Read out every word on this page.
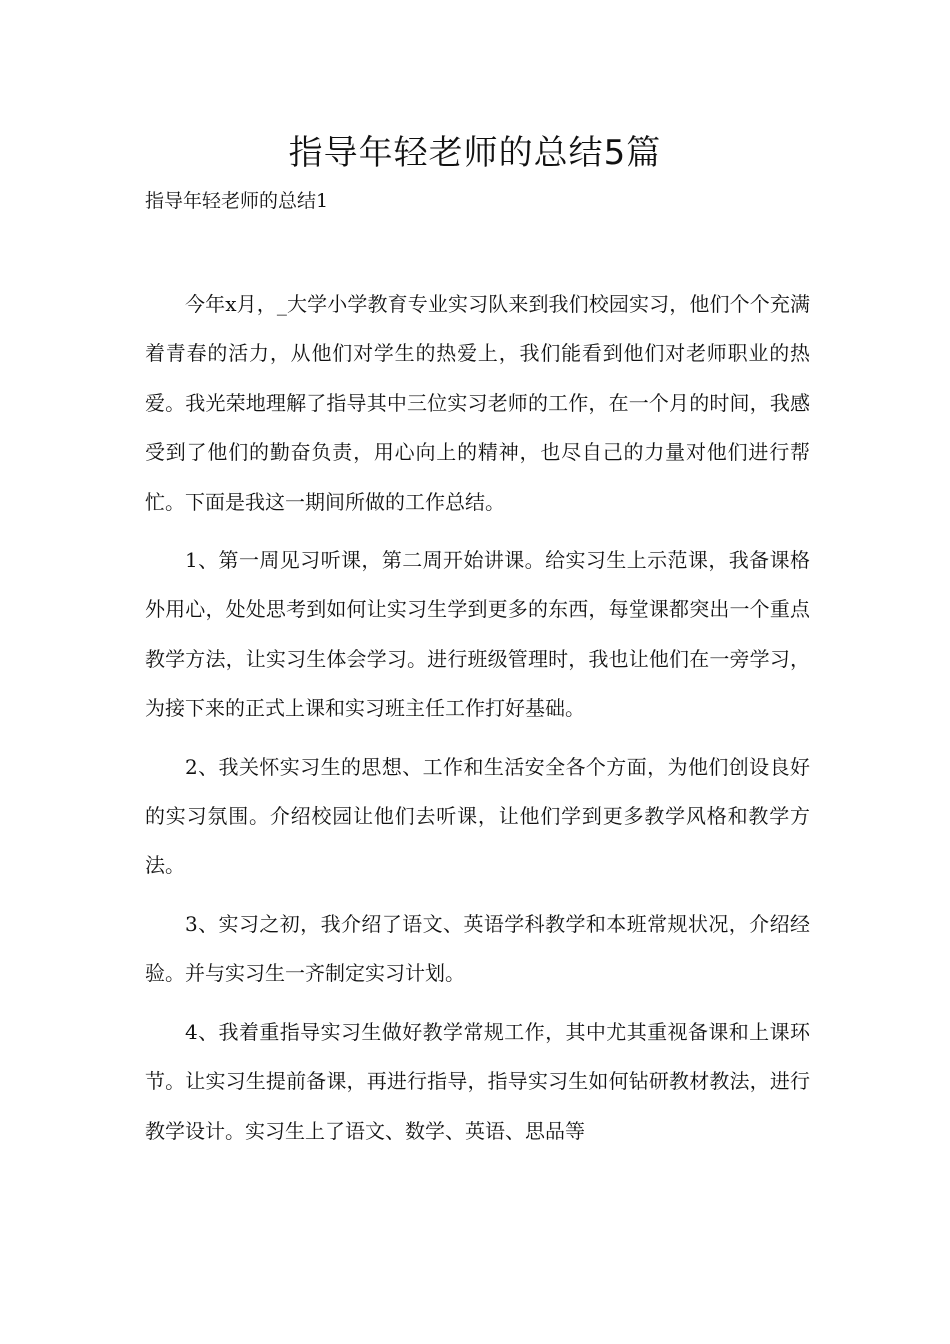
指导年轻老师的总结5篇

指导年轻老师的总结1

今年x月，_大学小学教育专业实习队来到我们校园实习，他们个个充满着青春的活力，从他们对学生的热爱上，我们能看到他们对老师职业的热爱。我光荣地理解了指导其中三位实习老师的工作，在一个月的时间，我感受到了他们的勤奋负责，用心向上的精神，也尽自己的力量对他们进行帮忙。下面是我这一期间所做的工作总结。

1、第一周见习听课，第二周开始讲课。给实习生上示范课，我备课格外用心，处处思考到如何让实习生学到更多的东西，每堂课都突出一个重点教学方法，让实习生体会学习。进行班级管理时，我也让他们在一旁学习，为接下来的正式上课和实习班主任工作打好基础。

2、我关怀实习生的思想、工作和生活安全各个方面，为他们创设良好的实习氛围。介绍校园让他们去听课，让他们学到更多教学风格和教学方法。

3、实习之初，我介绍了语文、英语学科教学和本班常规状况，介绍经验。并与实习生一齐制定实习计划。

4、我着重指导实习生做好教学常规工作，其中尤其重视备课和上课环节。让实习生提前备课，再进行指导，指导实习生如何钻研教材教法，进行教学设计。实习生上了语文、数学、英语、思品等
